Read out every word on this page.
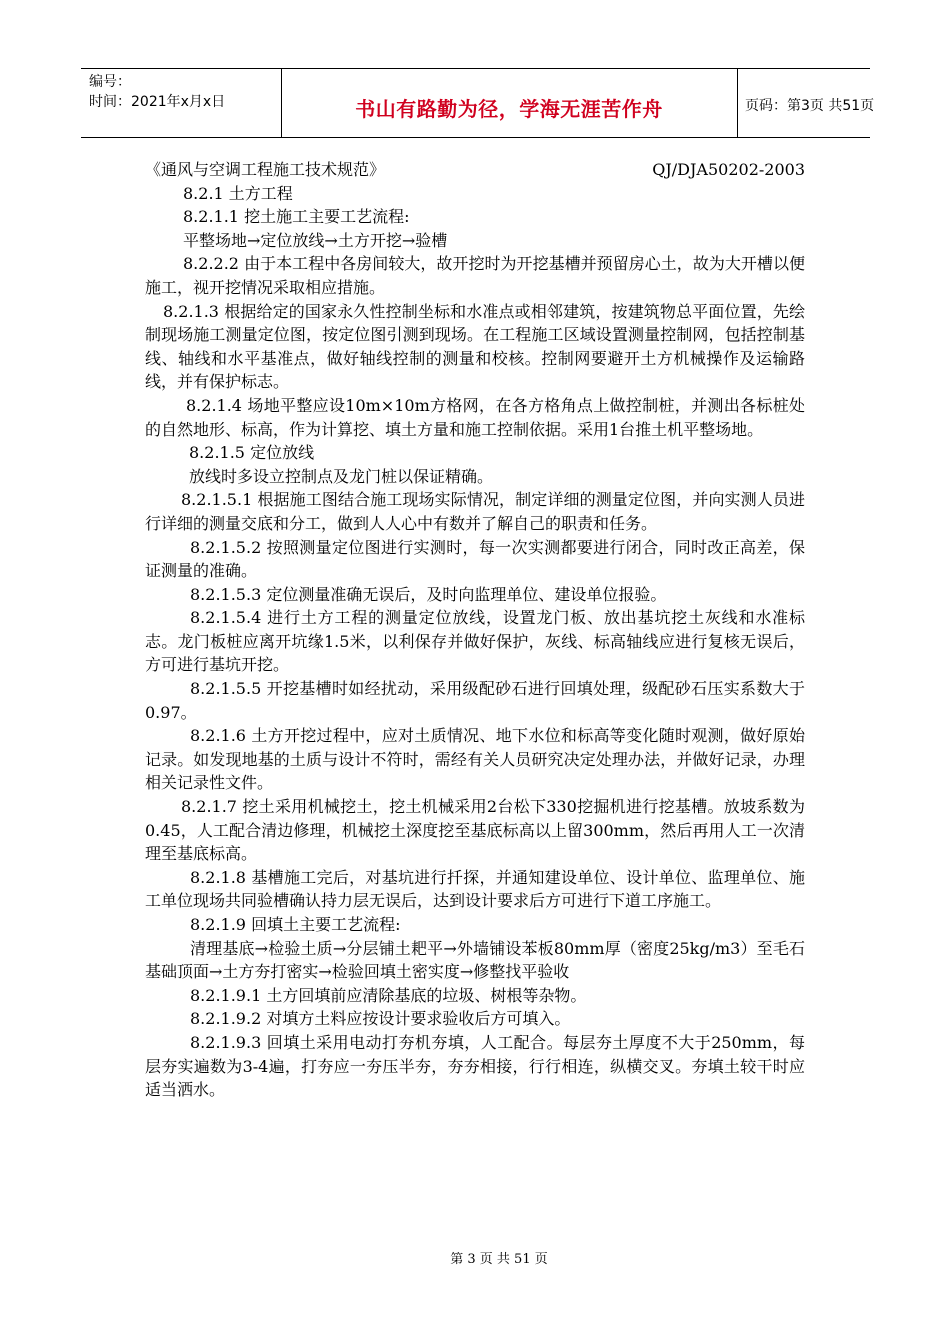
编号：
时间：2021年x月x日	书山有路勤为径，学海无涯苦作舟	页码：第3页 共51页

《通风与空调工程施工技术规范》	QJ/DJA50202-2003

8.2.1 土方工程

8.2.1.1 挖土施工主要工艺流程:

平整场地→定位放线→土方开挖→验槽

8.2.2.2 由于本工程中各房间较大，故开挖时为开挖基槽并预留房心土，故为大开槽以便施工，视开挖情况采取相应措施。

8.2.1.3 根据给定的国家永久性控制坐标和水准点或相邻建筑，按建筑物总平面位置，先绘制现场施工测量定位图，按定位图引测到现场。在工程施工区域设置测量控制网，包括控制基线、轴线和水平基准点，做好轴线控制的测量和校核。控制网要避开土方机械操作及运输路线，并有保护标志。

8.2.1.4 场地平整应设10m×10m方格网，在各方格角点上做控制桩，并测出各标桩处的自然地形、标高，作为计算挖、填土方量和施工控制依据。采用1台推土机平整场地。

8.2.1.5 定位放线

放线时多设立控制点及龙门桩以保证精确。

8.2.1.5.1 根据施工图结合施工现场实际情况，制定详细的测量定位图，并向实测人员进行详细的测量交底和分工，做到人人心中有数并了解自己的职责和任务。

8.2.1.5.2 按照测量定位图进行实测时，每一次实测都要进行闭合，同时改正高差，保证测量的准确。

8.2.1.5.3 定位测量准确无误后，及时向监理单位、建设单位报验。

8.2.1.5.4 进行土方工程的测量定位放线，设置龙门板、放出基坑挖土灰线和水准标志。龙门板桩应离开坑缘1.5米，以利保存并做好保护，灰线、标高轴线应进行复核无误后，方可进行基坑开挖。

8.2.1.5.5 开挖基槽时如经扰动，采用级配砂石进行回填处理，级配砂石压实系数大于0.97。

8.2.1.6 土方开挖过程中，应对土质情况、地下水位和标高等变化随时观测，做好原始记录。如发现地基的土质与设计不符时，需经有关人员研究决定处理办法，并做好记录，办理相关记录性文件。

8.2.1.7 挖土采用机械挖土，挖土机械采用2台松下330挖掘机进行挖基槽。放坡系数为0.45，人工配合清边修理，机械挖土深度挖至基底标高以上留300mm，然后再用人工一次清理至基底标高。

8.2.1.8 基槽施工完后，对基坑进行扦探，并通知建设单位、设计单位、监理单位、施工单位现场共同验槽确认持力层无误后，达到设计要求后方可进行下道工序施工。

8.2.1.9 回填土主要工艺流程:

清理基底→检验土质→分层铺土耙平→外墙铺设苯板80mm厚（密度25kg/m3）至毛石基础顶面→土方夯打密实→检验回填土密实度→修整找平验收

8.2.1.9.1 土方回填前应清除基底的垃圾、树根等杂物。

8.2.1.9.2 对填方土料应按设计要求验收后方可填入。

8.2.1.9.3 回填土采用电动打夯机夯填，人工配合。每层夯土厚度不大于250mm，每层夯实遍数为3-4遍，打夯应一夯压半夯，夯夯相接，行行相连，纵横交叉。夯填土较干时应适当洒水。

第 3 页 共 51 页
